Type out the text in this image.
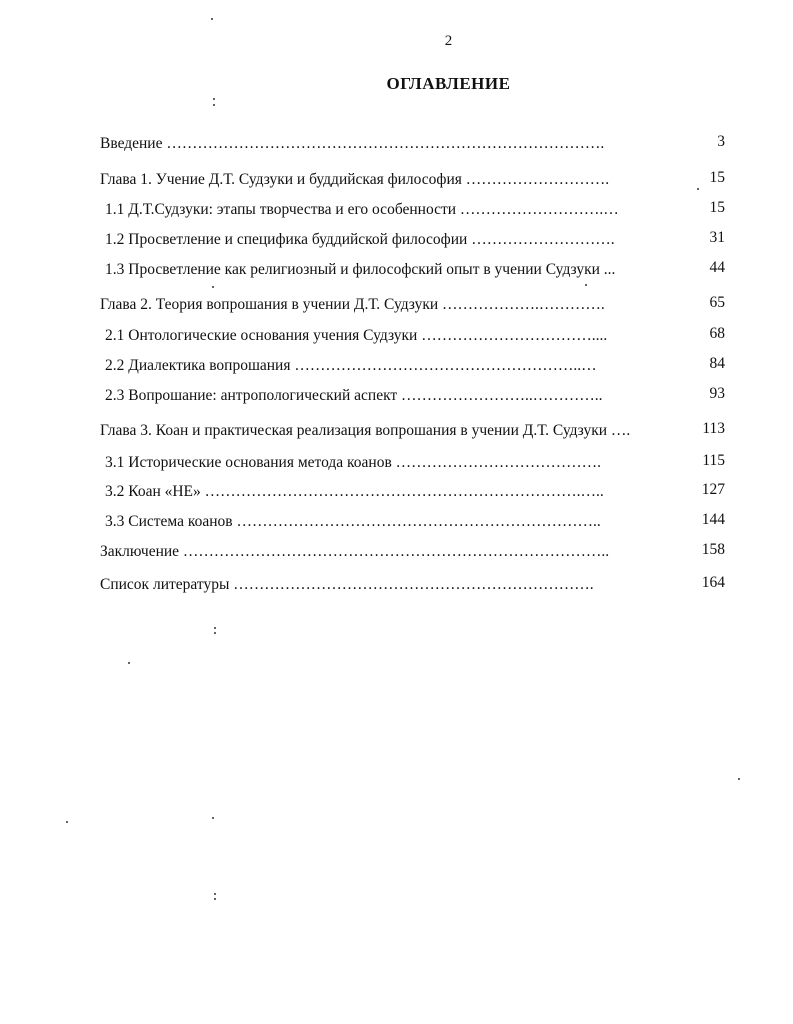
2
ОГЛАВЛЕНИЕ
Введение ………………………………………………………………………….	3
Глава 1. Учение Д.Т. Судзуки и буддийская философия ……………………….	15
1.1 Д.Т.Судзуки: этапы творчества и его особенности ……………………….…	15
1.2 Просветление и специфика буддийской философии ……………………….	31
1.3 Просветление как религиозный и философский опыт в учении Судзуки ...	44
Глава 2. Теория вопрошания в учении Д.Т. Судзуки ……………….………….	65
2.1 Онтологические основания учения Судзуки ……………………………....	68
2.2 Диалектика вопрошания ………………………………………………..…	84
2.3 Вопрошание: антропологический аспект ……………………..…………..	93
Глава 3. Коан и практическая реализация вопрошания в учении Д.Т. Судзуки ….	113
3.1 Исторические основания метода коанов ………………………………….	115
3.2 Коан «НЕ» ……………………………………………………………….…..	127
3.3 Система коанов ……………………………………………………………..	144
Заключение ………………………………………………………………………..	158
Список литературы …………………………………………………………….	164
